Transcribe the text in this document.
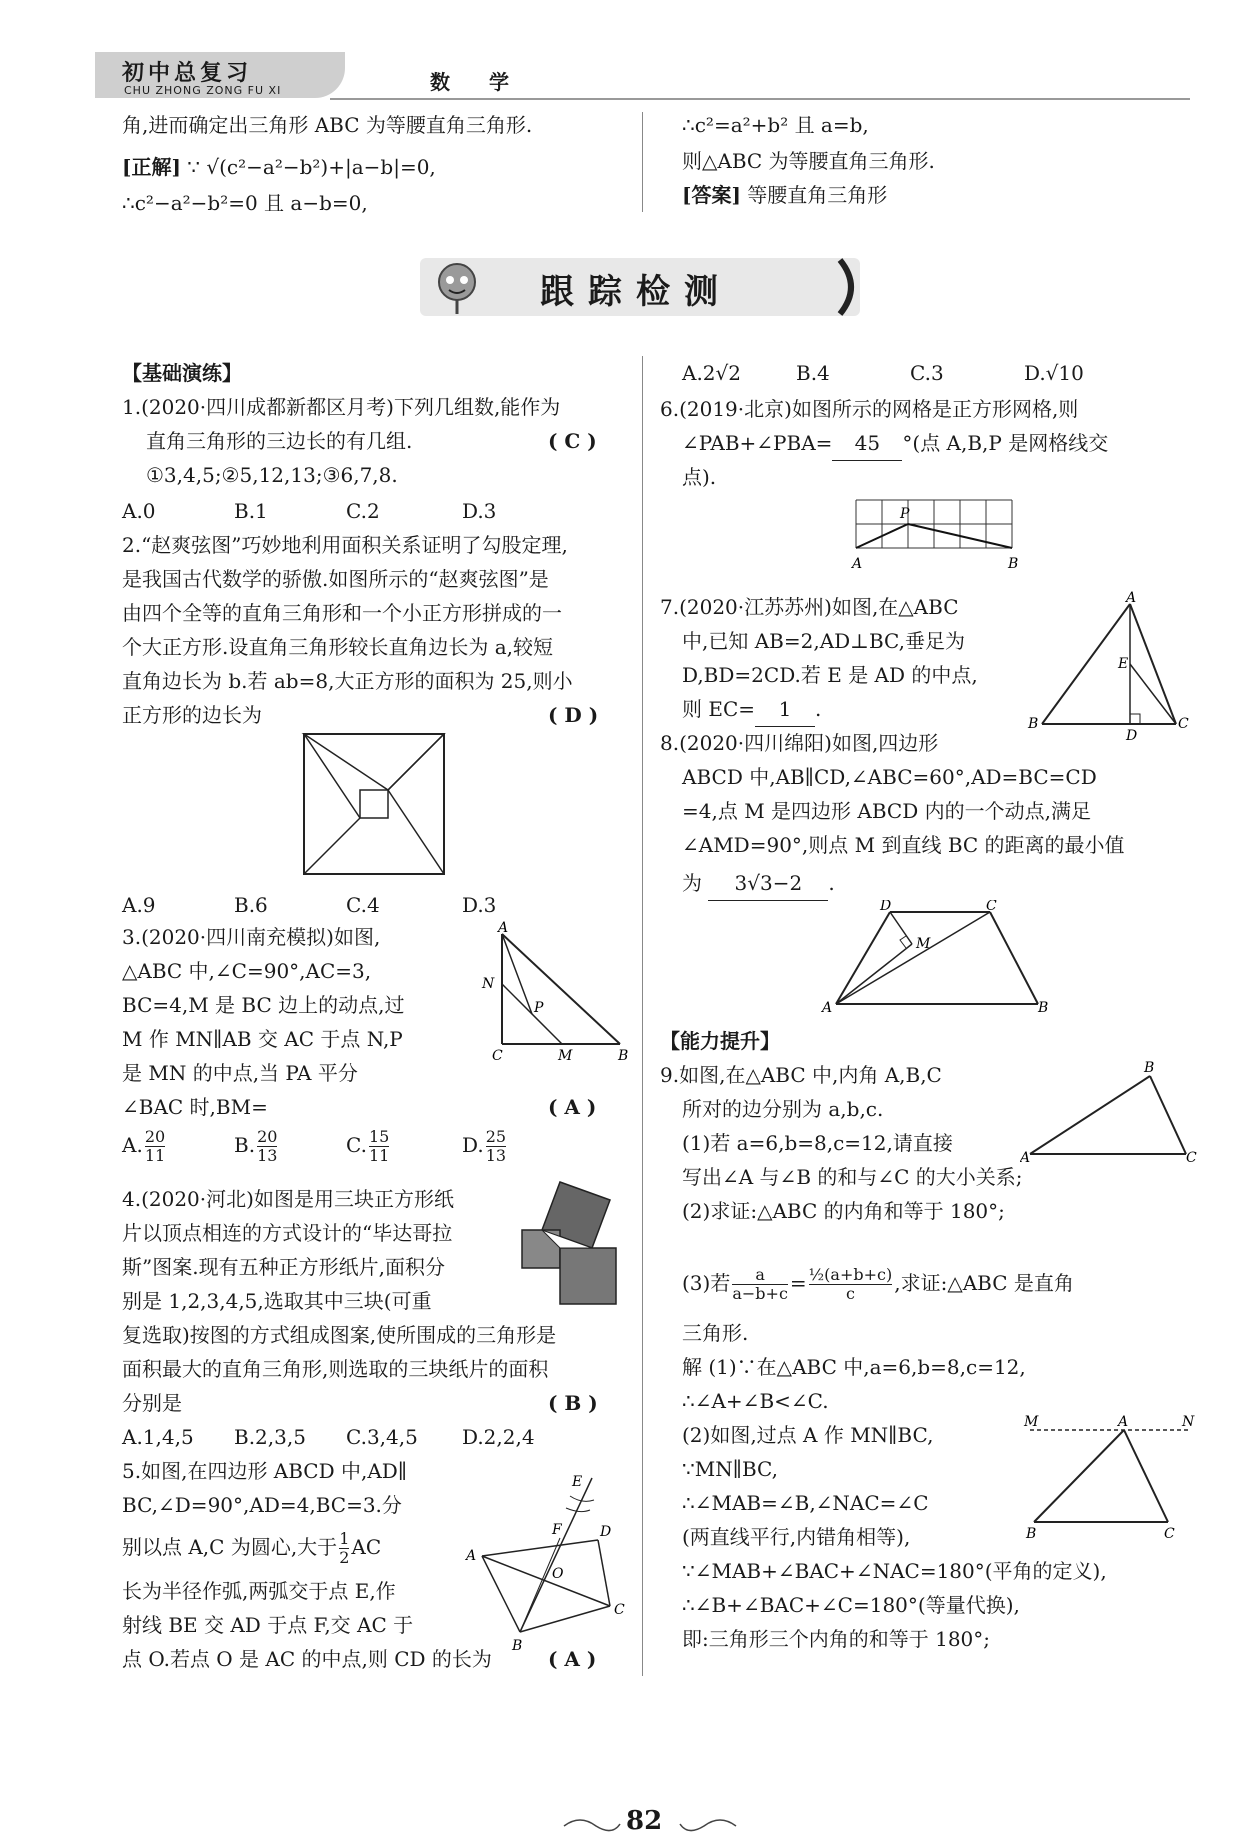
初中总复习
CHU ZHONG ZONG FU XI	数 学
角,进而确定出三角形 ABC 为等腰直角三角形.
[正解] ∵ √(c²−a²−b²)+|a−b|=0,
∴c²−a²−b²=0 且 a−b=0,
∴c²=a²+b² 且 a=b,
则△ABC 为等腰直角三角形.
[答案] 等腰直角三角形
跟踪检测
【基础演练】
1.(2020·四川成都新都区月考)下列几组数,能作为
直角三角形的三边长的有几组.	( C )
①3,4,5;②5,12,13;③6,7,8.
A.0	B.1	C.2	D.3
2.“赵爽弦图”巧妙地利用面积关系证明了勾股定理,
是我国古代数学的骄傲.如图所示的“赵爽弦图”是
由四个全等的直角三角形和一个小正方形拼成的一
个大正方形.设直角三角形较长直角边长为 a,较短
直角边长为 b.若 ab=8,大正方形的面积为 25,则小
正方形的边长为	( D )
A.9	B.6	C.4	D.3
3.(2020·四川南充模拟)如图,
△ABC 中,∠C=90°,AC=3,
BC=4,M 是 BC 边上的动点,过
M 作 MN∥AB 交 AC 于点 N,P
是 MN 的中点,当 PA 平分
∠BAC 时,BM=	( A )
A
N
P
C	M	B
A. $\frac{20}{11}$	B. $\frac{20}{13}$	C. $\frac{15}{11}$	D. $\frac{25}{13}$
4.(2020·河北)如图是用三块正方形纸
片以顶点相连的方式设计的“毕达哥拉
斯”图案.现有五种正方形纸片,面积分
别是 1,2,3,4,5,选取其中三块(可重
复选取)按图的方式组成图案,使所围成的三角形是
面积最大的直角三角形,则选取的三块纸片的面积
分别是	( B )
A.1,4,5 B.2,3,5 C.3,4,5 D.2,2,4
5.如图,在四边形 ABCD 中,AD∥
BC,∠D=90°,AD=4,BC=3.分
别以点 A,C 为圆心,大于 $\frac{1}{2}$ AC
长为半径作弧,两弧交于点 E,作
射线 BE 交 AD 于点 F,交 AC 于
点 O.若点 O 是 AC 的中点,则 CD 的长为	( A )
E
F	D
A
O
B
C
A.2√2	B.4	C.3	D.√10
6.(2019·北京)如图所示的网格是正方形网格,则
∠PAB+∠PBA= 45 °(点 A,B,P 是网格线交
点).
P
A	B
7.(2020·江苏苏州)如图,在△ABC
中,已知 AB=2,AD⊥BC,垂足为
D,BD=2CD.若 E 是 AD 的中点,
则 EC= 1 .
A
E
B
D
C
8.(2020·四川绵阳)如图,四边形
ABCD 中,AB∥CD,∠ABC=60°,AD=BC=CD
=4,点 M 是四边形 ABCD 内的一个动点,满足
∠AMD=90°,则点 M 到直线 BC 的距离的最小值
为 3√3−2 .
D	C
M
A	B
【能力提升】
9.如图,在△ABC 中,内角 A,B,C
所对的边分别为 a,b,c.
(1)若 a=6,b=8,c=12,请直接
写出∠A 与∠B 的和与∠C 的大小关系;
(2)求证:△ABC 的内角和等于 180°;
B
A	C
(3)若 $\frac{a}{a-b+c} = \frac{\text{½(a+b+c)}}{c}$ ,求证:△ABC 是直角
三角形.
解 (1)∵在△ABC 中,a=6,b=8,c=12,
∴∠A+∠B<∠C.
(2)如图,过点 A 作 MN∥BC,
∵MN∥BC,
∴∠MAB=∠B,∠NAC=∠C
(两直线平行,内错角相等),
∵∠MAB+∠BAC+∠NAC=180°(平角的定义),
∴∠B+∠BAC+∠C=180°(等量代换),
即:三角形三个内角的和等于 180°;
M	A	N
B	C
82
